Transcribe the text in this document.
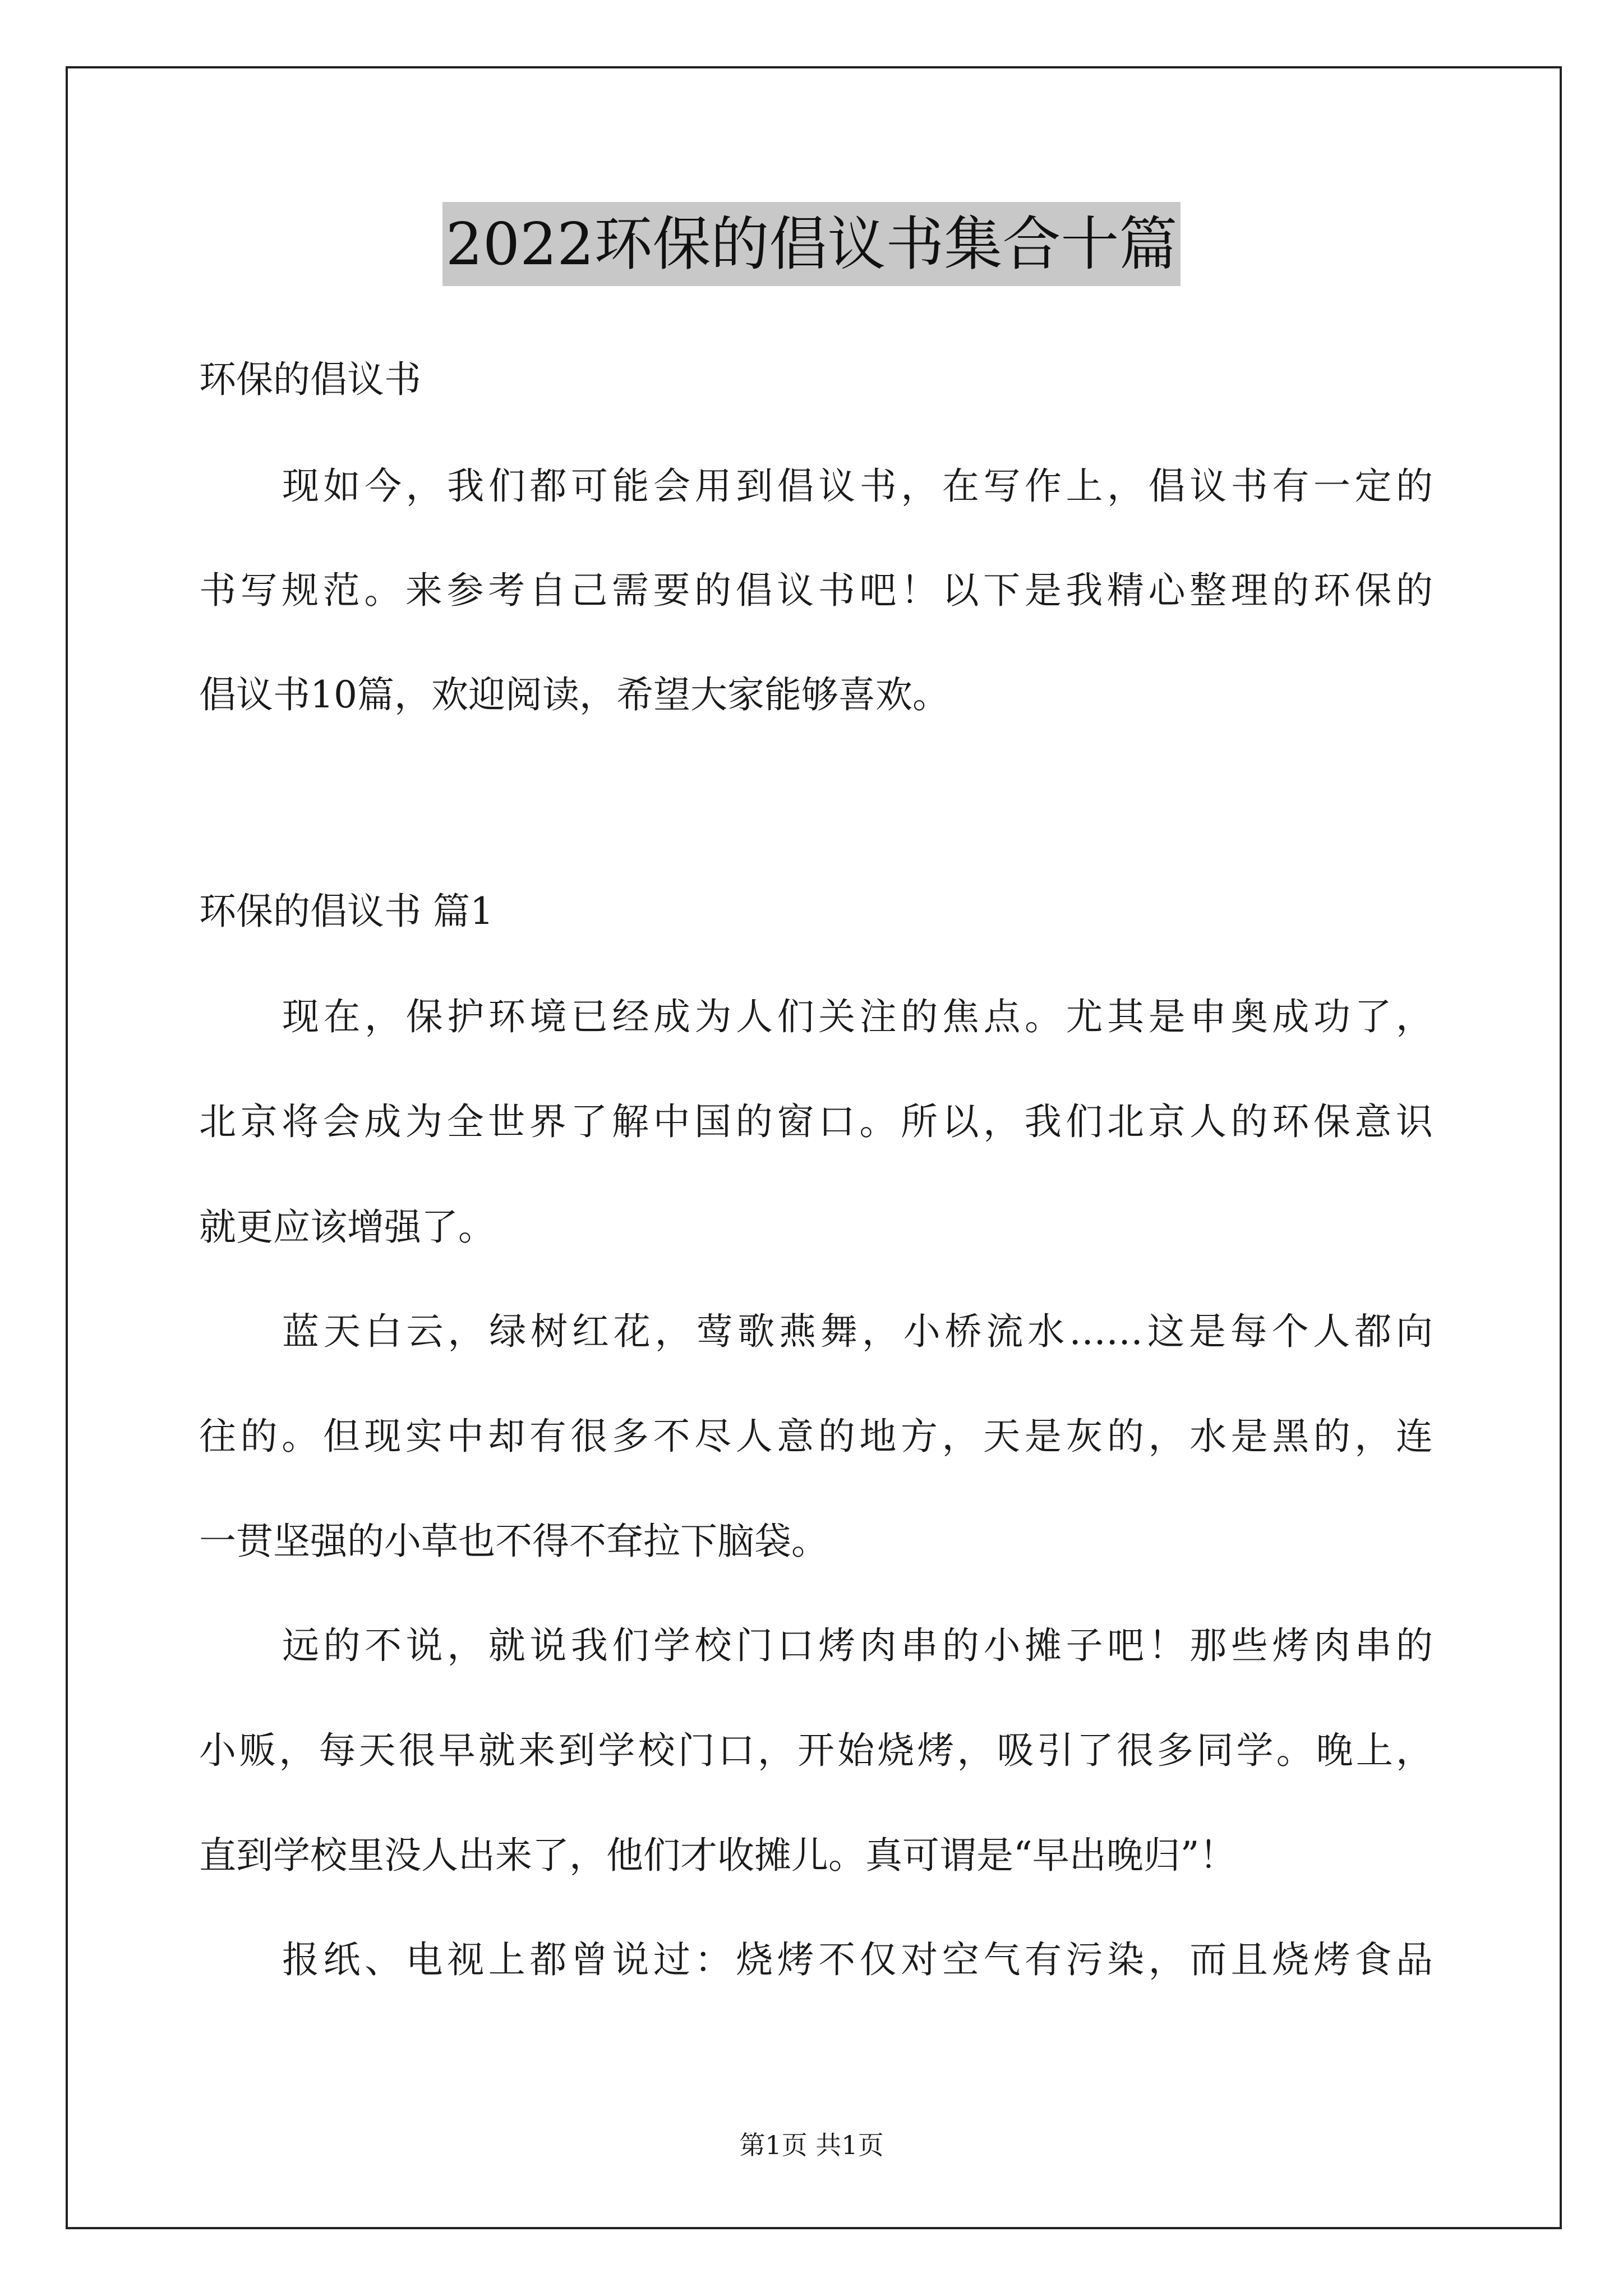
2022环保的倡议书集合十篇
环保的倡议书
现如今，我们都可能会用到倡议书，在写作上，倡议书有一定的
书写规范。来参考自己需要的倡议书吧！以下是我精心整理的环保的
倡议书10篇，欢迎阅读，希望大家能够喜欢。
环保的倡议书 篇1
现在，保护环境已经成为人们关注的焦点。尤其是申奥成功了，
北京将会成为全世界了解中国的窗口。所以，我们北京人的环保意识
就更应该增强了。
蓝天白云，绿树红花，莺歌燕舞，小桥流水……这是每个人都向
往的。但现实中却有很多不尽人意的地方，天是灰的，水是黑的，连
一贯坚强的小草也不得不耷拉下脑袋。
远的不说，就说我们学校门口烤肉串的小摊子吧！那些烤肉串的
小贩，每天很早就来到学校门口，开始烧烤，吸引了很多同学。晚上，
直到学校里没人出来了，他们才收摊儿。真可谓是“早出晚归”！
报纸、电视上都曾说过：烧烤不仅对空气有污染，而且烧烤食品
第1页 共1页
